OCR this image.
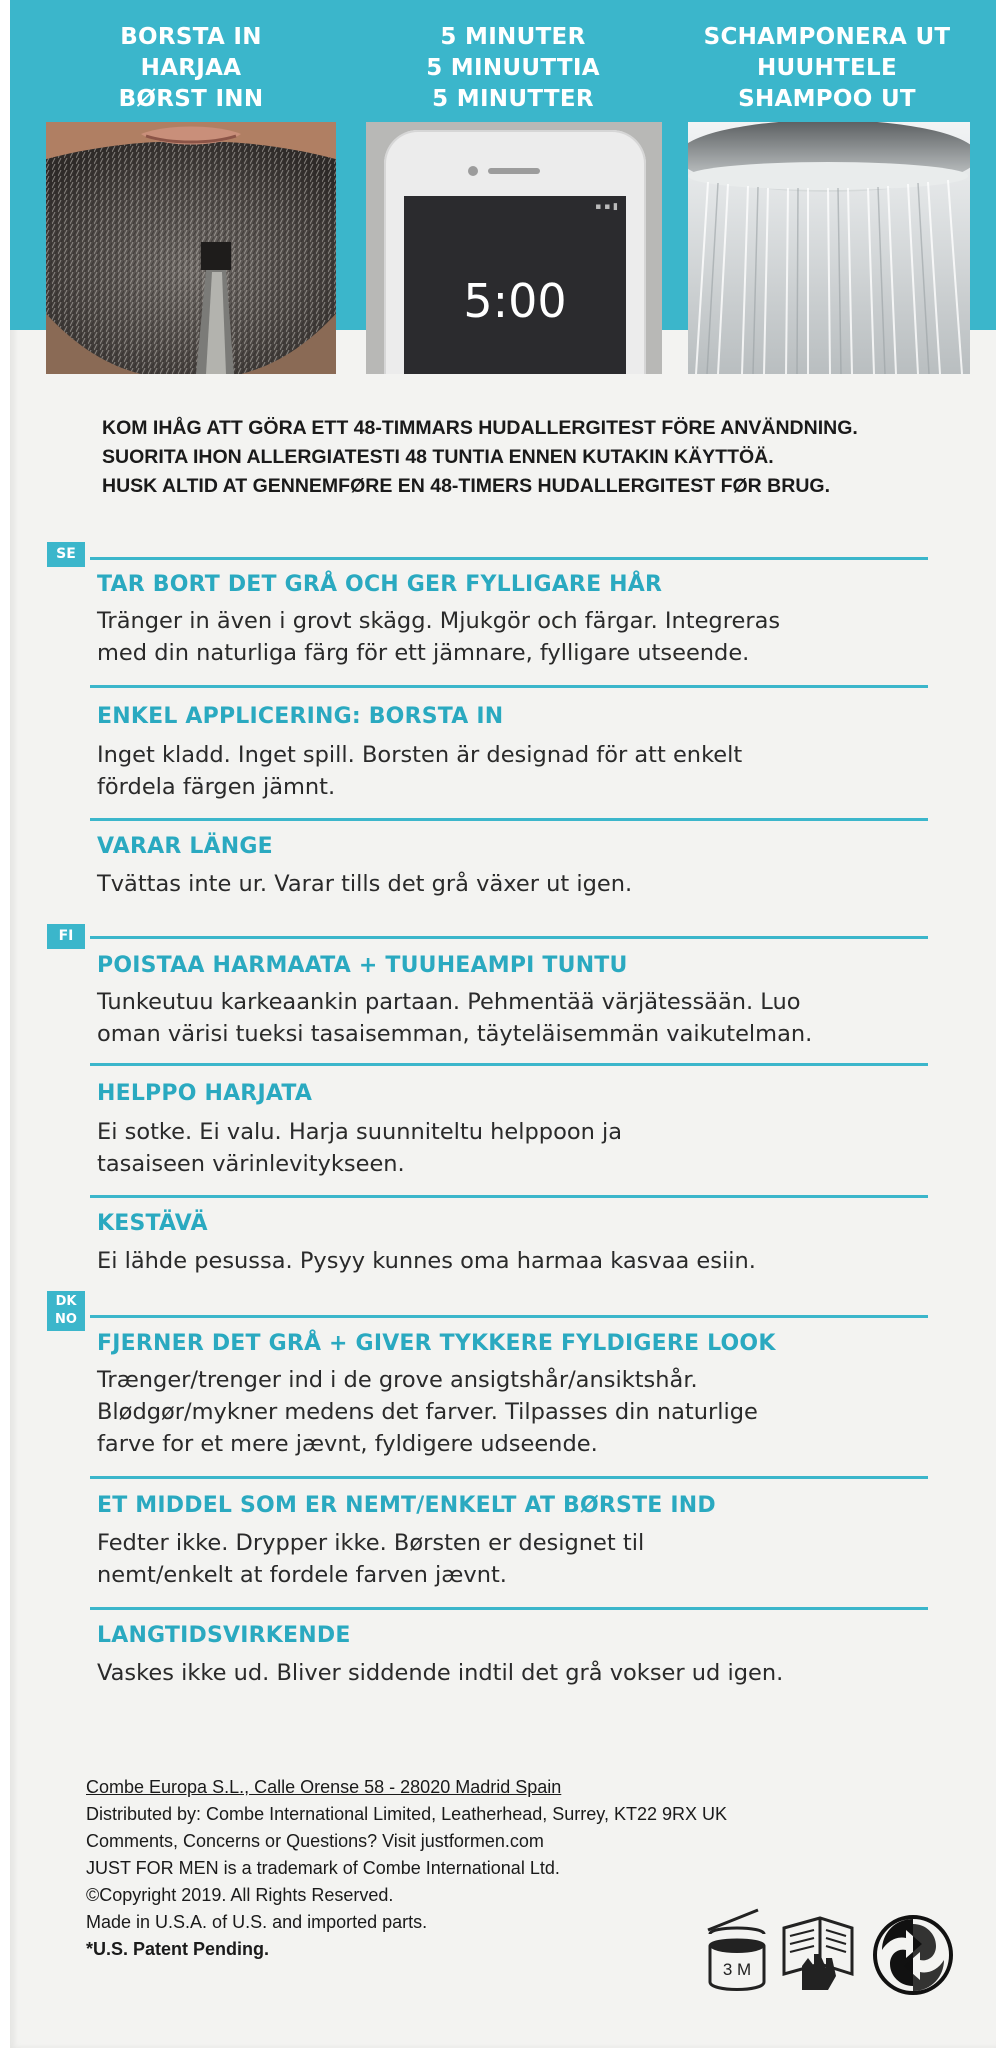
BORSTA IN
HARJAA
BØRST INN
5 MINUTER
5 MINUUTTIA
5 MINUTTER
SCHAMPONERA UT
HUUHTELE
SHAMPOO UT
▪ ▪ ▮
5:00
KOM IHÅG ATT GÖRA ETT 48-TIMMARS HUDALLERGITEST FÖRE ANVÄNDNING.
SUORITA IHON ALLERGIATESTI 48 TUNTIA ENNEN KUTAKIN KÄYTTÖÄ.
HUSK ALTID AT GENNEMFØRE EN 48-TIMERS HUDALLERGITEST FØR BRUG.
SE
TAR BORT DET GRÅ OCH GER FYLLIGARE HÅR
Tränger in även i grovt skägg. Mjukgör och färgar. Integreras
med din naturliga färg för ett jämnare, fylligare utseende.
ENKEL APPLICERING: BORSTA IN
Inget kladd. Inget spill. Borsten är designad för att enkelt
fördela färgen jämnt.
VARAR LÄNGE
Tvättas inte ur. Varar tills det grå växer ut igen.
FI
POISTAA HARMAATA + TUUHEAMPI TUNTU
Tunkeutuu karkeaankin partaan. Pehmentää värjätessään. Luo
oman värisi tueksi tasaisemman, täyteläisemmän vaikutelman.
HELPPO HARJATA
Ei sotke. Ei valu. Harja suunniteltu helppoon ja
tasaiseen värinlevitykseen.
KESTÄVÄ
Ei lähde pesussa. Pysyy kunnes oma harmaa kasvaa esiin.
DK
NO
FJERNER DET GRÅ + GIVER TYKKERE FYLDIGERE LOOK
Trænger/trenger ind i de grove ansigtshår/ansiktshår.
Blødgør/mykner medens det farver. Tilpasses din naturlige
farve for et mere jævnt, fyldigere udseende.
ET MIDDEL SOM ER NEMT/ENKELT AT BØRSTE IND
Fedter ikke. Drypper ikke. Børsten er designet til
nemt/enkelt at fordele farven jævnt.
LANGTIDSVIRKENDE
Vaskes ikke ud. Bliver siddende indtil det grå vokser ud igen.
Combe Europa S.L., Calle Orense 58 - 28020 Madrid Spain
Distributed by: Combe International Limited, Leatherhead, Surrey, KT22 9RX UK
Comments, Concerns or Questions? Visit justformen.com
JUST FOR MEN is a trademark of Combe International Ltd.
©Copyright 2019. All Rights Reserved.
Made in U.S.A. of U.S. and imported parts.
*U.S. Patent Pending.
3 M
